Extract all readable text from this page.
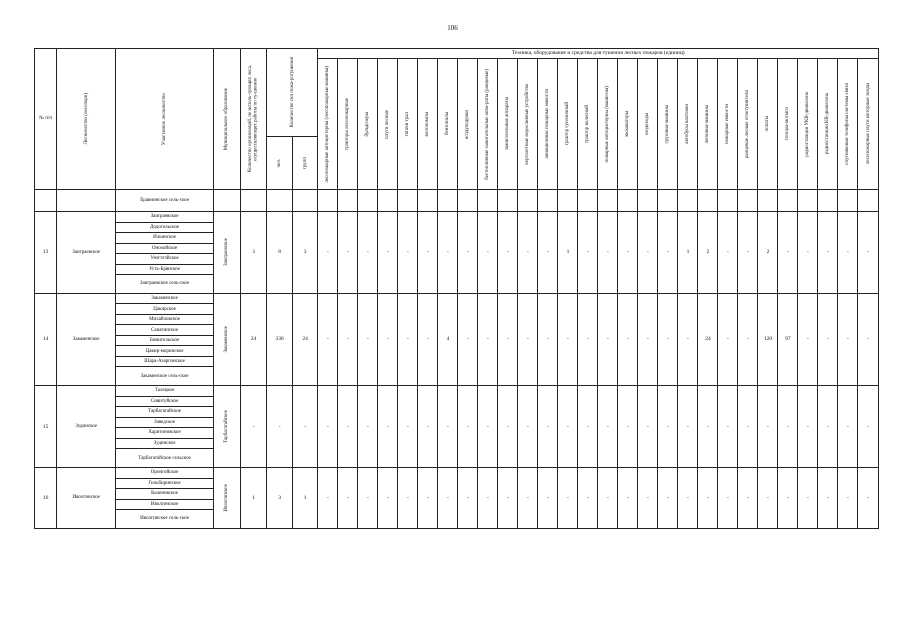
106
№ п/п	Лесничество (лесопарк)	Участковое лесничество	Муниципальное образование	Количество организаций, не исполь-зующих леса, осуществляющих работы по ту-шению	Количество сил пожа-ротушения		Техника, оборудование и средства для тушения лесных пожаров (единиц)																											

							лесопожарные автоцистерны (лесопожарные машины)	тракторы лесопожарные	бульдозеры	плуги лесные	тягачи трал	мотопомпы	бензопилы	воздуходувки	бестопливные зажигательные аппа-раты (ранцевые)	зажигательные аппараты	вертолетные водосливные устройства	авиационные пожарные емкости	трактор гусеничный	трактор колесный	пожарные автоцистерны (маши-ны)	экскаваторы	вездеходы	грузовые машины	автобусы вахтовки	легковые машины	пожарные емкости	ранцевые лесные огнетушители	лопаты	топоры-мотыги	радиостанции УКВ-диапазона	радиостанции КВ-диапазона	спутниковые телефоны системы связи	лесопожарные плуги моторные зонды

					чел.	групп																												

		Еравнинское сель-ское																																
13	Заиграевское	Заиграевское	Заиграевское	3	8	3	-	-	-	-	-	-	-	-	-	-	-	-	1	-	-	-	-	-	1	2	-	-	2	-	-	-	-	-
		Додогольское																																
		Ильинское																																
		Онохойское																																
		Унэгэтэйское																																
		Усть-Брянское																																
		Заиграевское сель-ское																																
14	Закаменское	Закаменское	Закаменское	24	336	24	-	-	-	-	-	-	4	-	-	-	-	-	-	-	-	-	-	-	-	24	-	-	120	97	-	-	-	-
		Цакирское																																
		Михайловское																																
		Санагинское																																
		Бинигольское																																
		Цакир-моринское																																
		Шара-Азаргинское																																
		Закаменское сель-ское																																
15	Зудинское	Талецкое	Тарбагатайское	-	-	-	-	-	-	-	-	-	-	-	-	-	-	-	-	-	-	-	-	-	-	-	-	-	-	-	-	-	-	-
		Сивитуйское																																
		Тарбагатайское																																
		Заведское																																
		Харитоновское																																
		Зудинское																																
		Тарбагатайское сельское																																
16	Иволгинское	Оронгойское	Иволгинское	1	3	1	-	-	-	-	-	-	-	-	-	-	-	-	-	-	-	-	-	-	-	-	-	-	-	-	-	-	-	-
		Гильбиринское																																
		Каленовское																																
		Иволгинское																																
		Иволгинское сель-ское																																
